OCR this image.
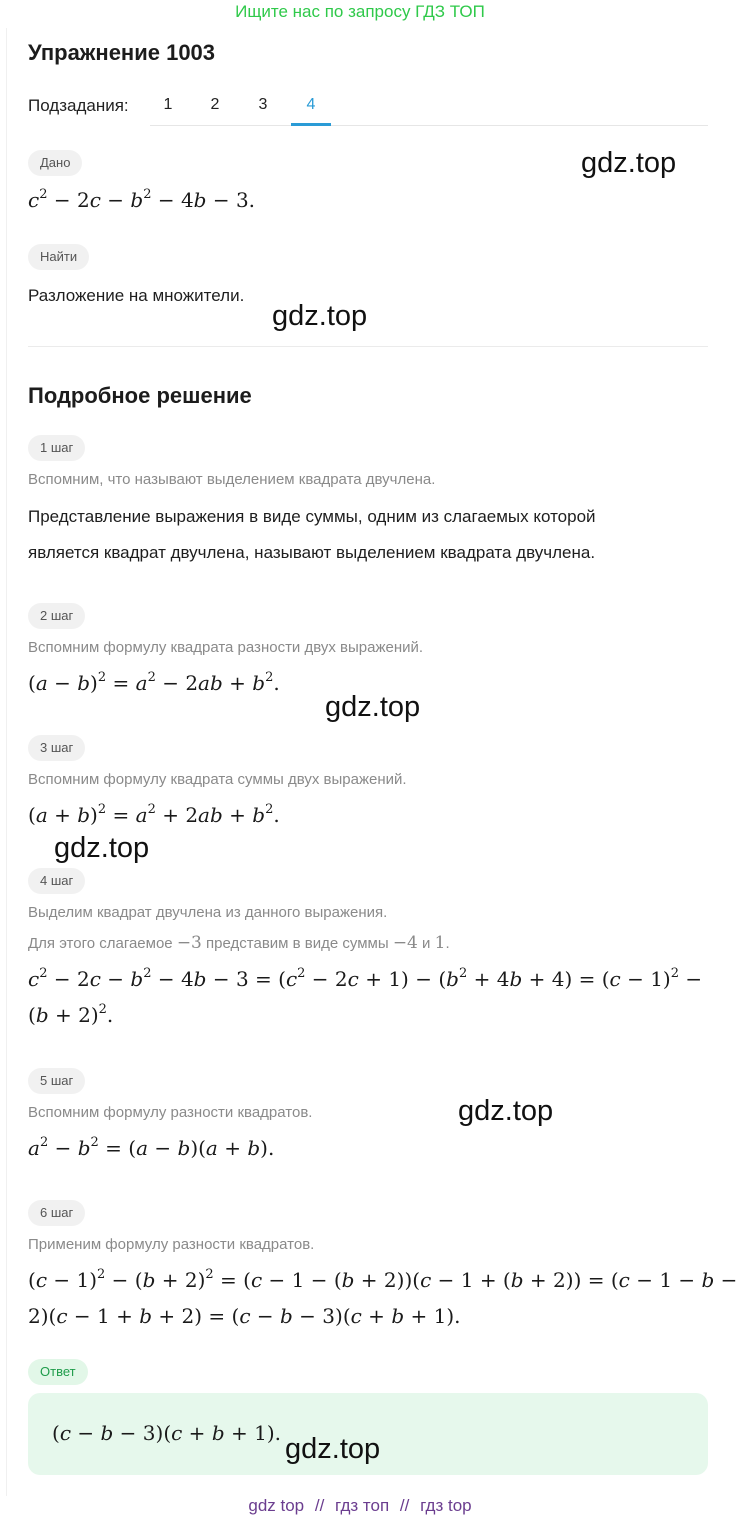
Ищите нас по запросу ГДЗ ТОП
Упражнение 1003
Подзадания:	1	2	3	4
Дано
$c^2 - 2c - b^2 - 4b - 3$.
Найти
Разложение на множители.
Подробное решение
1 шаг
Вспомним, что называют выделением квадрата двучлена.
Представление выражения в виде суммы, одним из слагаемых которой
является квадрат двучлена, называют выделением квадрата двучлена.
2 шаг
Вспомним формулу квадрата разности двух выражений.
$(a - b)^2 = a^2 - 2ab + b^2$.
3 шаг
Вспомним формулу квадрата суммы двух выражений.
$(a + b)^2 = a^2 + 2ab + b^2$.
4 шаг
Выделим квадрат двучлена из данного выражения.
Для этого слагаемое −3 представим в виде суммы −4 и 1.
$c^2 - 2c - b^2 - 4b - 3 = (c^2 - 2c + 1) - (b^2 + 4b + 4) = (c - 1)^2$ −
$(b + 2)^2$.
5 шаг
Вспомним формулу разности квадратов.
$a^2 - b^2 = (a - b)(a + b)$.
6 шаг
Применим формулу разности квадратов.
$(c - 1)^2 - (b + 2)^2 = (c - 1 - (b + 2))(c - 1 + (b + 2)) = (c - 1 - b$ −
2)(c − 1 + b + 2) = (c − b − 3)(c + b + 1).
Ответ
(c − b − 3)(c + b + 1).
gdz.top
gdz.top
gdz.top
gdz.top
gdz.top
gdz.top
gdz top // гдз топ // гдз top
